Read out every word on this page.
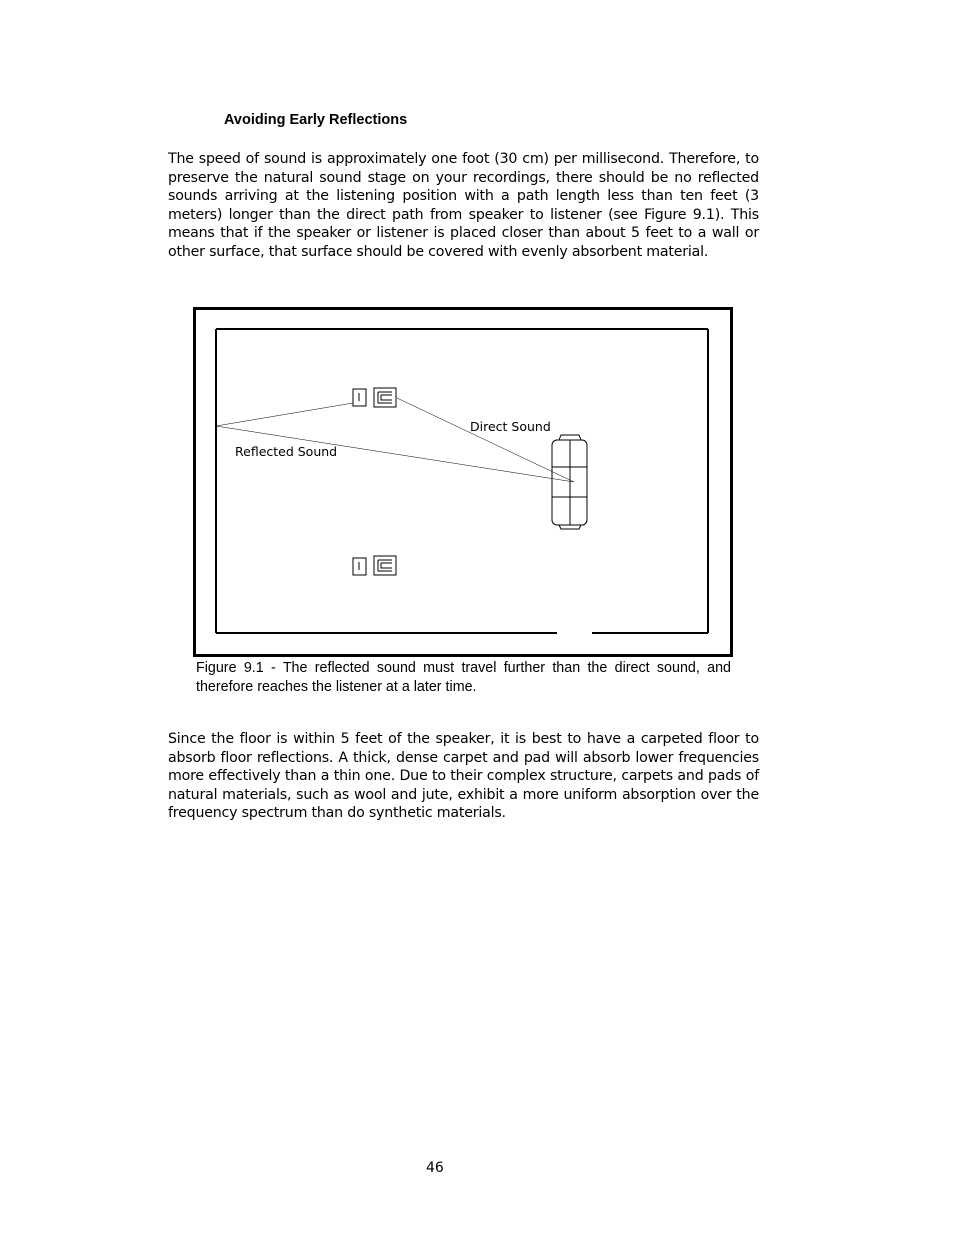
Avoiding Early Reflections
The speed of sound is approximately one foot (30 cm) per millisecond. Therefore, to preserve the natural sound stage on your recordings, there should be no reflected sounds arriving at the listening position with a path length less than ten feet (3 meters) longer than the direct path from speaker to listener (see Figure 9.1). This means that if the speaker or listener is placed closer than about 5 feet to a wall or other surface, that surface should be covered with evenly absorbent material.
Direct Sound
Reflected Sound
Figure 9.1 - The reflected sound must travel further than the direct sound, and therefore reaches the listener at a later time.
Since the floor is within 5 feet of the speaker, it is best to have a carpeted floor to absorb floor reflections. A thick, dense carpet and pad will absorb lower frequencies more effectively than a thin one. Due to their complex structure, carpets and pads of natural materials, such as wool and jute, exhibit a more uniform absorption over the frequency spectrum than do synthetic materials.
46
